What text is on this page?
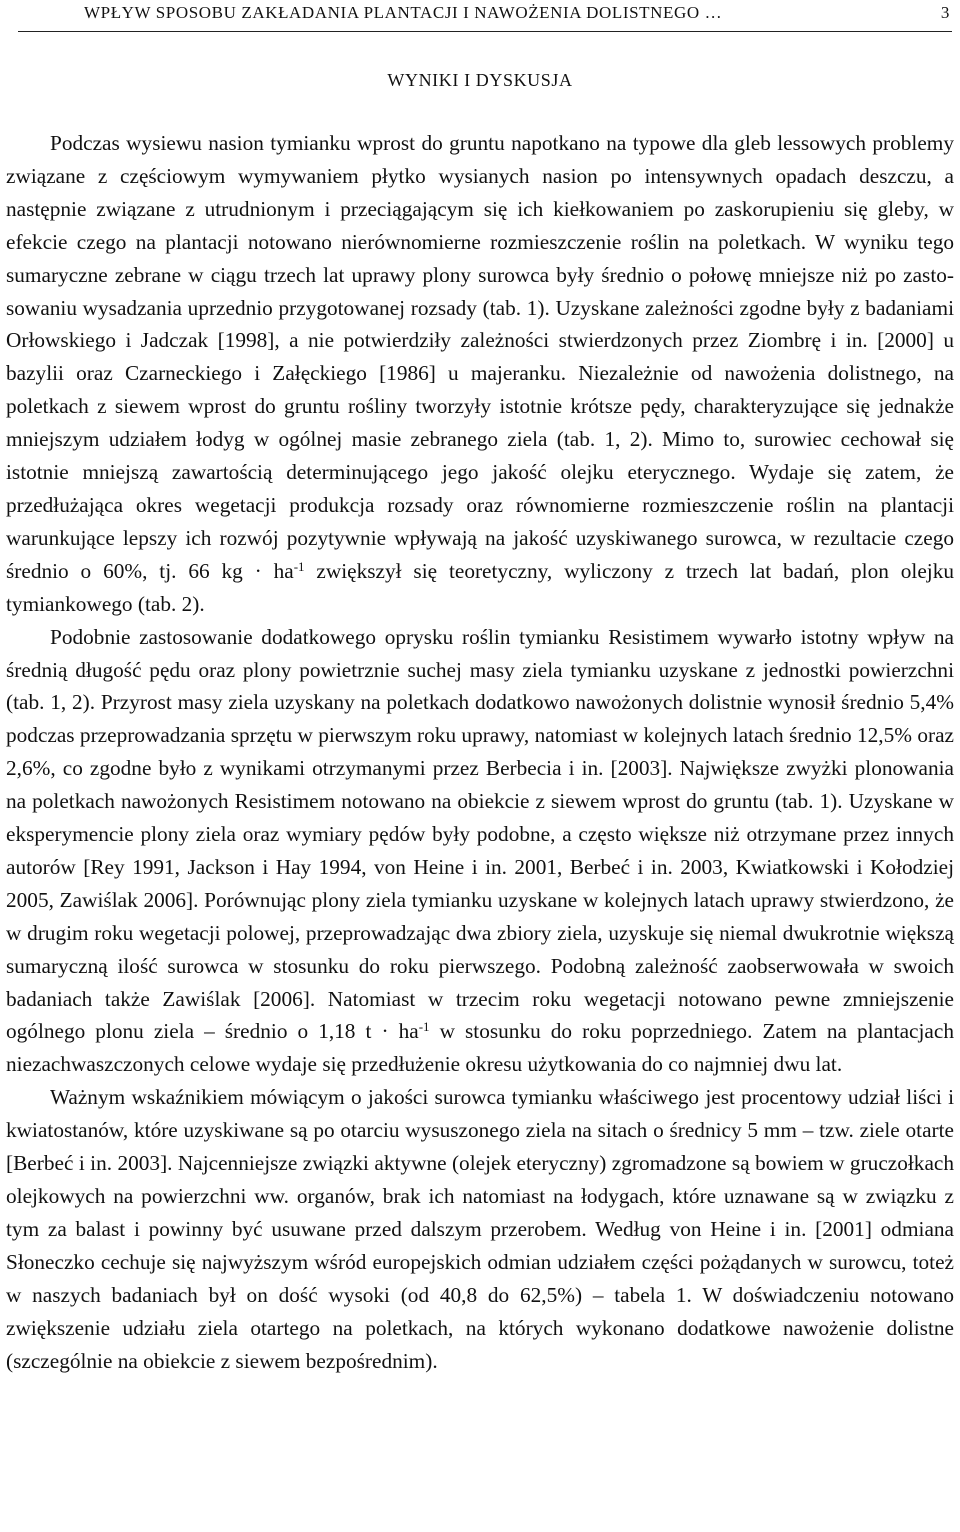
WPŁYW SPOSOBU ZAKŁADANIA PLANTACJI I NAWOŻENIA DOLISTNEGO …	3
WYNIKI I DYSKUSJA

Podczas wysiewu nasion tymianku wprost do gruntu napotkano na typowe dla gleb lessowych problemy związane z częściowym wymywaniem płytko wysianych nasion po intensywnych opadach deszczu, a następnie związane z utrudnionym i przeciągającym się ich kiełkowaniem po zaskorupieniu się gleby, w efekcie czego na plantacji notowano nierównomierne rozmieszczenie roślin na poletkach. W wyniku tego sumaryczne zebrane w ciągu trzech lat uprawy plony surowca były średnio o połowę mniejsze niż po zastosowaniu wysadzania uprzednio przygotowanej rozsady (tab. 1). Uzyskane zależności zgodne były z badaniami Orłowskiego i Jadczak [1998], a nie potwierdziły zależności stwierdzonych przez Ziombrę i in. [2000] u bazylii oraz Czarneckiego i Załęckiego [1986] u majeranku. Niezależnie od nawożenia dolistnego, na poletkach z siewem wprost do gruntu rośliny tworzyły istotnie krótsze pędy, charakteryzujące się jednakże mniejszym udziałem łodyg w ogólnej masie zebranego ziela (tab. 1, 2). Mimo to, surowiec cechował się istotnie mniejszą zawartością determinującego jego jakość olejku eterycznego. Wydaje się zatem, że przedłużająca okres wegetacji produkcja rozsady oraz równomierne rozmieszczenie roślin na plantacji warunkujące lepszy ich rozwój pozytywnie wpływają na jakość uzyskiwanego surowca, w rezultacie czego średnio o 60%, tj. 66 kg · $ha^{-1}$ zwiększył się teoretyczny, wyliczony z trzech lat badań, plon olejku tymiankowego (tab. 2).

Podobnie zastosowanie dodatkowego oprysku roślin tymianku Resistimem wywarło istotny wpływ na średnią długość pędu oraz plony powietrznie suchej masy ziela tymianku uzyskane z jednostki powierzchni (tab. 1, 2). Przyrost masy ziela uzyskany na poletkach dodatkowo nawożonych dolistnie wynosił średnio 5,4% podczas przeprowadzania sprzętu w pierwszym roku uprawy, natomiast w kolejnych latach średnio 12,5% oraz 2,6%, co zgodne było z wynikami otrzymanymi przez Berbecia i in. [2003]. Największe zwyżki plonowania na poletkach nawożonych Resistimem notowano na obiekcie z siewem wprost do gruntu (tab. 1). Uzyskane w eksperymencie plony ziela oraz wymiary pędów były podobne, a często większe niż otrzymane przez innych autorów [Rey 1991, Jackson i Hay 1994, von Heine i in. 2001, Berbeć i in. 2003, Kwiatkowski i Kołodziej 2005, Zawiślak 2006]. Porównując plony ziela tymianku uzyskane w kolejnych latach uprawy stwierdzono, że w drugim roku wegetacji polowej, przeprowadzając dwa zbiory ziela, uzyskuje się niemal dwukrotnie większą sumaryczną ilość surowca w stosunku do roku pierwszego. Podobną zależność zaobserwowała w swoich badaniach także Zawiślak [2006]. Natomiast w trzecim roku wegetacji notowano pewne zmniejszenie ogólnego plonu ziela – średnio o 1,18 $t \cdot ha^{-1}$ w stosunku do roku poprzedniego. Zatem na plantacjach niezachwaszczonych celowe wydaje się przedłużenie okresu użytkowania do co najmniej dwu lat.

Ważnym wskaźnikiem mówiącym o jakości surowca tymianku właściwego jest procentowy udział liści i kwiatostanów, które uzyskiwane są po otarciu wysuszonego ziela na sitach o średnicy 5 mm – tzw. ziele otarte [Berbeć i in. 2003]. Najcenniejsze związki aktywne (olejek eteryczny) zgromadzone są bowiem w gruczołkach olejkowych na powierzchni ww. organów, brak ich natomiast na łodygach, które uznawane są w związku z tym za balast i powinny być usuwane przed dalszym przerobem. Według von Heine i in. [2001] odmiana Słoneczko cechuje się najwyższym wśród europejskich odmian udziałem części pożądanych w surowcu, toteż w naszych badaniach był on dość wysoki (od 40,8 do 62,5%) – tabela 1. W doświadczeniu notowano zwiększenie udziału ziela otartego na poletkach, na których wykonano dodatkowe nawożenie dolistne (szczególnie na obiekcie z siewem bezpośrednim).
